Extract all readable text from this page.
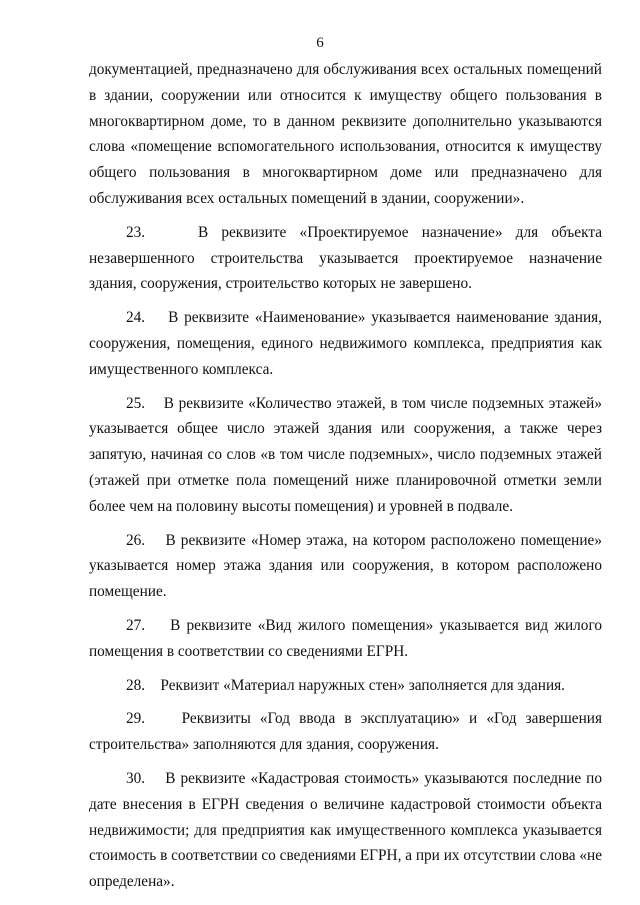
6

документацией, предназначено для обслуживания всех остальных помещений в здании, сооружении или относится к имуществу общего пользования в многоквартирном доме, то в данном реквизите дополнительно указываются слова «помещение вспомогательного использования, относится к имуществу общего пользования в многоквартирном доме или предназначено для обслуживания всех остальных помещений в здании, сооружении».

23.    В реквизите «Проектируемое назначение» для объекта незавершенного строительства указывается проектируемое назначение здания, сооружения, строительство которых не завершено.

24.    В реквизите «Наименование» указывается наименование здания, сооружения, помещения, единого недвижимого комплекса, предприятия как имущественного комплекса.

25.    В реквизите «Количество этажей, в том числе подземных этажей» указывается общее число этажей здания или сооружения, а также через запятую, начиная со слов «в том числе подземных», число подземных этажей (этажей при отметке пола помещений ниже планировочной отметки земли более чем на половину высоты помещения) и уровней в подвале.

26.    В реквизите «Номер этажа, на котором расположено помещение» указывается номер этажа здания или сооружения, в котором расположено помещение.

27.    В реквизите «Вид жилого помещения» указывается вид жилого помещения в соответствии со сведениями ЕГРН.

28.    Реквизит «Материал наружных стен» заполняется для здания.

29.    Реквизиты «Год ввода в эксплуатацию» и «Год завершения строительства» заполняются для здания, сооружения.

30.    В реквизите «Кадастровая стоимость» указываются последние по дате внесения в ЕГРН сведения о величине кадастровой стоимости объекта недвижимости; для предприятия как имущественного комплекса указывается стоимость в соответствии со сведениями ЕГРН, а при их отсутствии слова «не определена».
